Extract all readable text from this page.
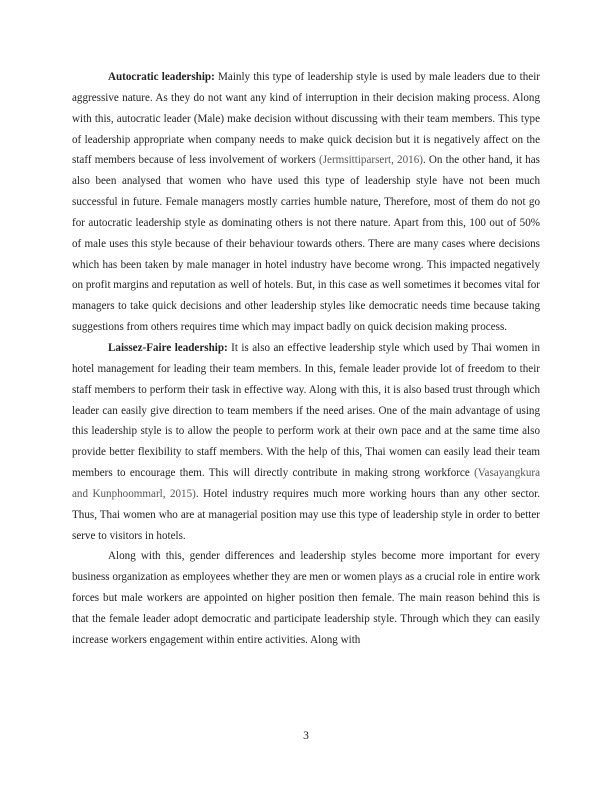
Autocratic leadership: Mainly this type of leadership style is used by male leaders due to their aggressive nature. As they do not want any kind of interruption in their decision making process. Along with this, autocratic leader (Male) make decision without discussing with their team members. This type of leadership appropriate when company needs to make quick decision but it is negatively affect on the staff members because of less involvement of workers (Jermsittiparsert, 2016). On the other hand, it has also been analysed that women who have used this type of leadership style have not been much successful in future. Female managers mostly carries humble nature, Therefore, most of them do not go for autocratic leadership style as dominating others is not there nature. Apart from this, 100 out of 50% of male uses this style because of their behaviour towards others. There are many cases where decisions which has been taken by male manager in hotel industry have become wrong. This impacted negatively on profit margins and reputation as well of hotels. But, in this case as well sometimes it becomes vital for managers to take quick decisions and other leadership styles like democratic needs time because taking suggestions from others requires time which may impact badly on quick decision making process.

Laissez-Faire leadership: It is also an effective leadership style which used by Thai women in hotel management for leading their team members. In this, female leader provide lot of freedom to their staff members to perform their task in effective way. Along with this, it is also based trust through which leader can easily give direction to team members if the need arises. One of the main advantage of using this leadership style is to allow the people to perform work at their own pace and at the same time also provide better flexibility to staff members. With the help of this, Thai women can easily lead their team members to encourage them. This will directly contribute in making strong workforce (Vasayangkura and Kunphoommarl, 2015). Hotel industry requires much more working hours than any other sector. Thus, Thai women who are at managerial position may use this type of leadership style in order to better serve to visitors in hotels.

Along with this, gender differences and leadership styles become more important for every business organization as employees whether they are men or women plays as a crucial role in entire work forces but male workers are appointed on higher position then female. The main reason behind this is that the female leader adopt democratic and participate leadership style. Through which they can easily increase workers engagement within entire activities. Along with

3
